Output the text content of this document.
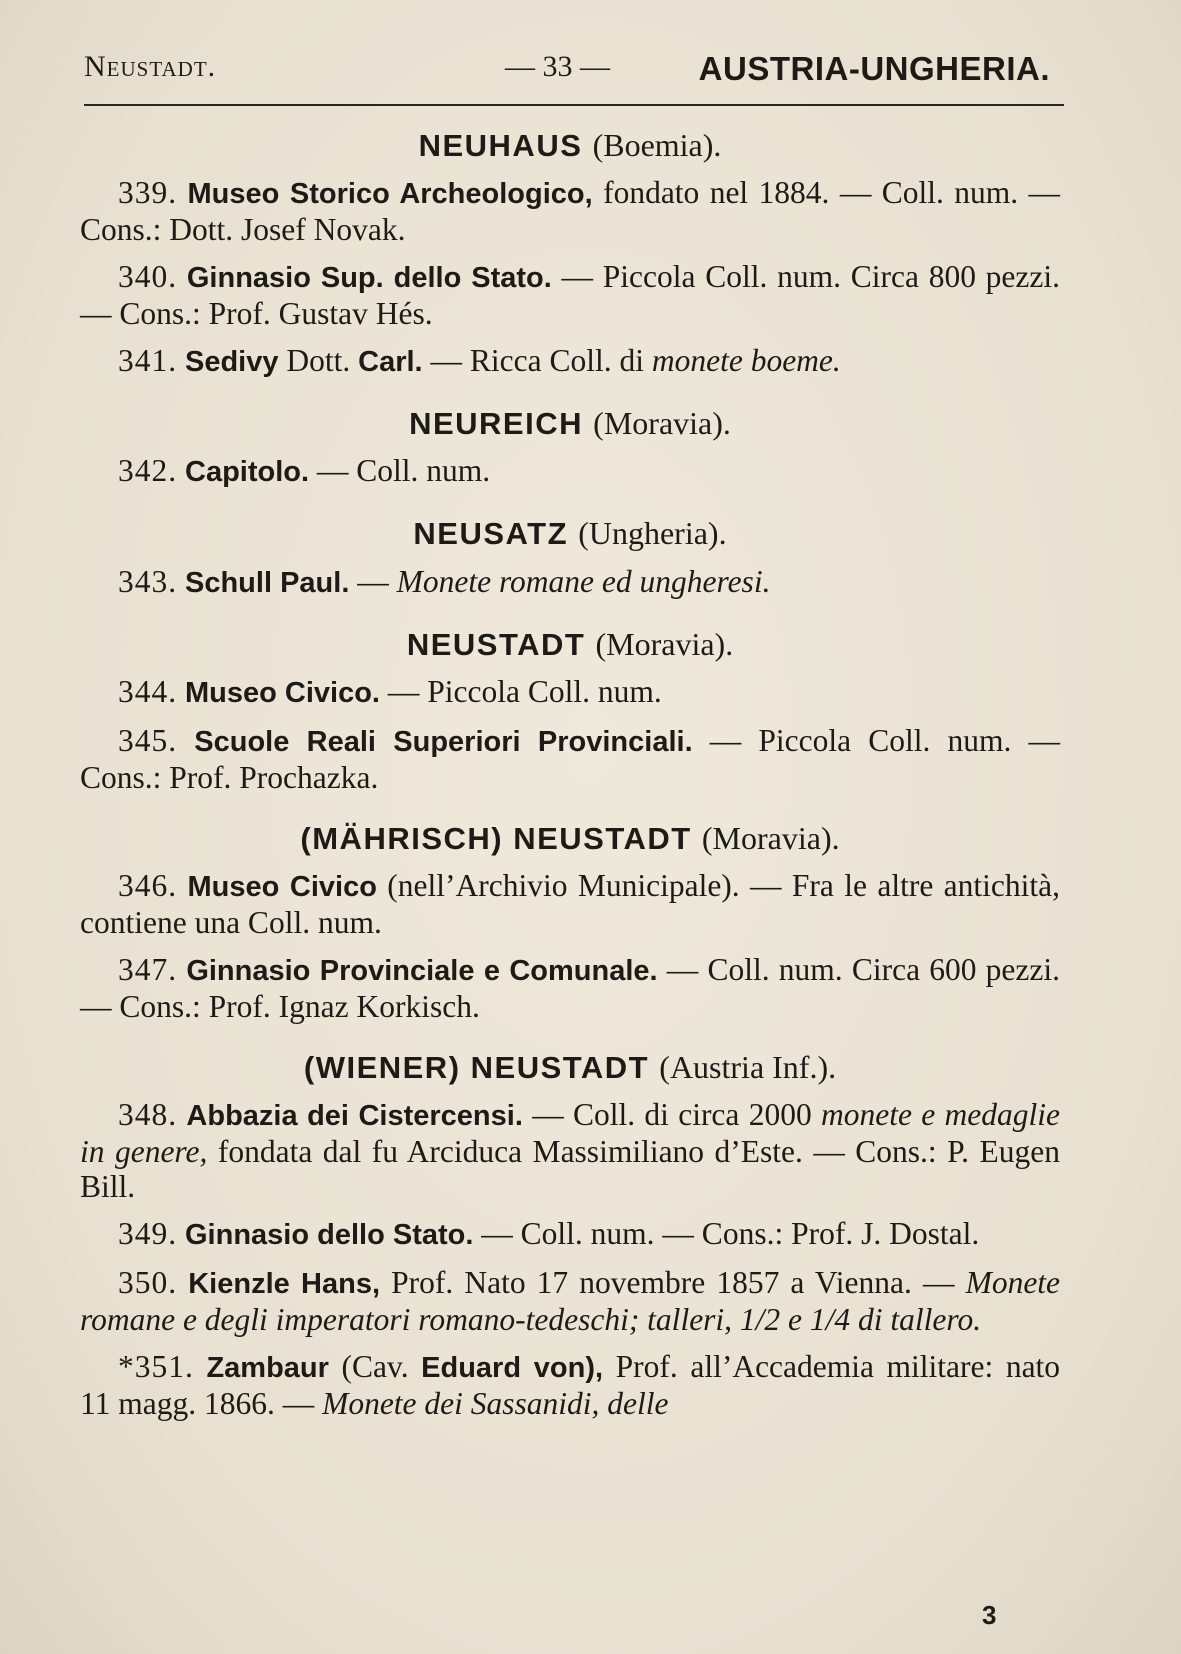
Neustadt.	— 33 —	AUSTRIA-UNGHERIA.
NEUHAUS (Boemia).

339. Museo Storico Archeologico, fondato nel 1884. — Coll. num. — Cons.: Dott. Josef Novak.

340. Ginnasio Sup. dello Stato. — Piccola Coll. num. Circa 800 pezzi. — Cons.: Prof. Gustav Hés.

341. Sedivy Dott. Carl. — Ricca Coll. di monete boeme.

NEUREICH (Moravia).

342. Capitolo. — Coll. num.

NEUSATZ (Ungheria).

343. Schull Paul. — Monete romane ed ungheresi.

NEUSTADT (Moravia).

344. Museo Civico. — Piccola Coll. num.

345. Scuole Reali Superiori Provinciali. — Piccola Coll. num. — Cons.: Prof. Prochazka.

(MÄHRISCH) NEUSTADT (Moravia).

346. Museo Civico (nell’Archivio Municipale). — Fra le altre antichità, contiene una Coll. num.

347. Ginnasio Provinciale e Comunale. — Coll. num. Circa 600 pezzi. — Cons.: Prof. Ignaz Korkisch.

(WIENER) NEUSTADT (Austria Inf.).

348. Abbazia dei Cistercensi. — Coll. di circa 2000 monete e medaglie in genere, fondata dal fu Arciduca Massimiliano d’Este. — Cons.: P. Eugen Bill.

349. Ginnasio dello Stato. — Coll. num. — Cons.: Prof. J. Dostal.

350. Kienzle Hans, Prof. Nato 17 novembre 1857 a Vienna. — Monete romane e degli imperatori romano-tedeschi; talleri, 1/2 e 1/4 di tallero.

*351. Zambaur (Cav. Eduard von), Prof. all’Accademia militare: nato 11 magg. 1866. — Monete dei Sassanidi, delle

3
